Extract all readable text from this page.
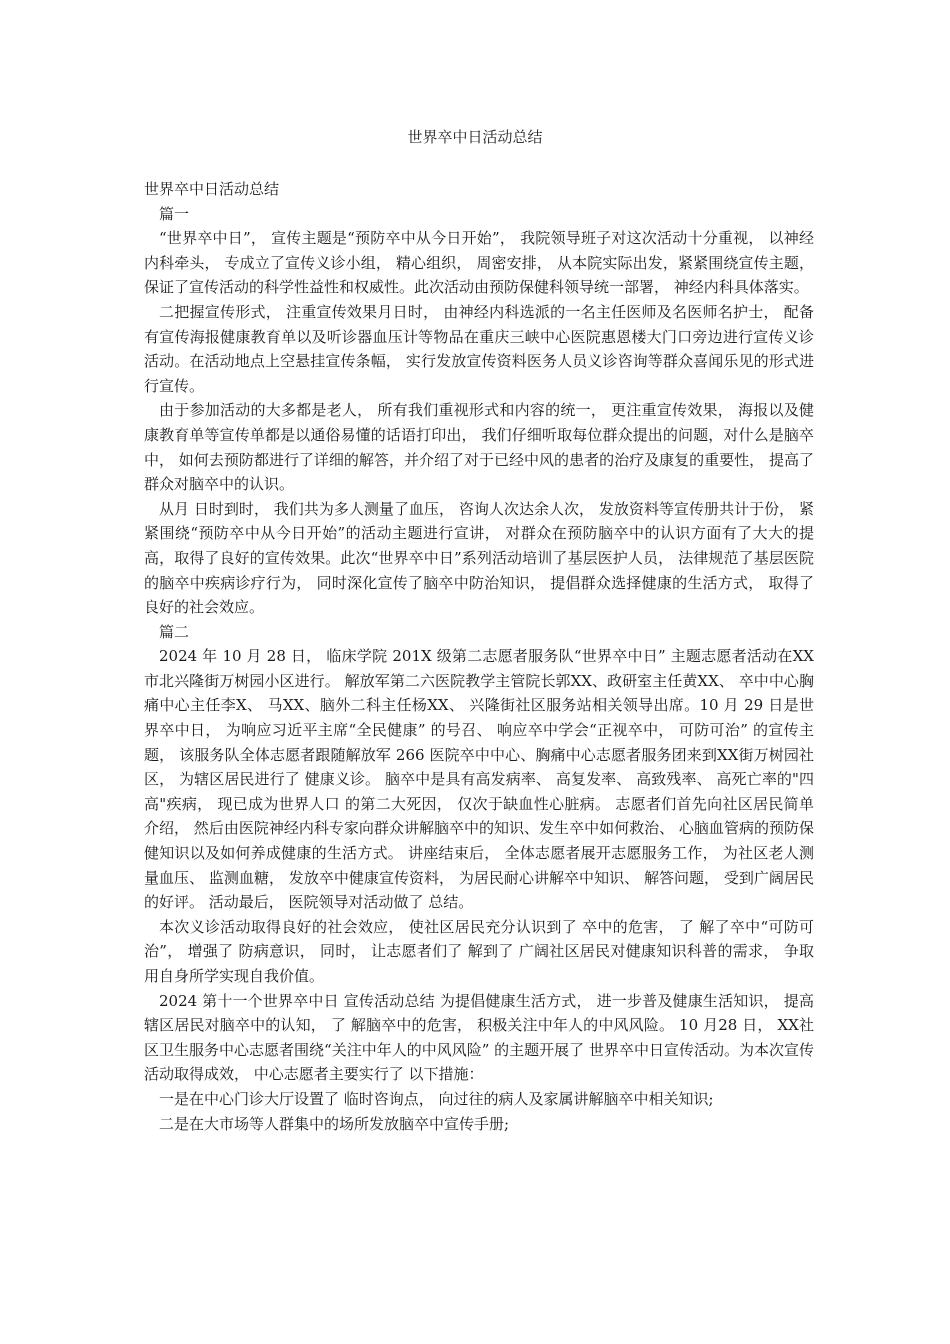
世界卒中日活动总结

世界卒中日活动总结

篇一

“世界卒中日”， 宣传主题是“预防卒中从今日开始”， 我院领导班子对这次活动十分重视， 以神经内科牵头， 专成立了宣传义诊小组， 精心组织， 周密安排， 从本院实际出发，紧紧围绕宣传主题， 保证了宣传活动的科学性益性和权威性。此次活动由预防保健科领导统一部署， 神经内科具体落实。

二把握宣传形式， 注重宣传效果月日时， 由神经内科选派的一名主任医师及名医师名护士， 配备有宣传海报健康教育单以及听诊器血压计等物品在重庆三峡中心医院惠恩楼大门口旁边进行宣传义诊活动。在活动地点上空悬挂宣传条幅， 实行发放宣传资料医务人员义诊咨询等群众喜闻乐见的形式进行宣传。

由于参加活动的大多都是老人， 所有我们重视形式和内容的统一， 更注重宣传效果， 海报以及健康教育单等宣传单都是以通俗易懂的话语打印出， 我们仔细听取每位群众提出的问题，对什么是脑卒中， 如何去预防都进行了详细的解答，并介绍了对于已经中风的患者的治疗及康复的重要性， 提高了群众对脑卒中的认识。

从月 日时到时， 我们共为多人测量了血压， 咨询人次达余人次， 发放资料等宣传册共计于份， 紧紧围绕“预防卒中从今日开始”的活动主题进行宣讲， 对群众在预防脑卒中的认识方面有了大大的提高，取得了良好的宣传效果。此次“世界卒中日”系列活动培训了基层医护人员， 法律规范了基层医院的脑卒中疾病诊疗行为， 同时深化宣传了脑卒中防治知识， 提倡群众选择健康的生活方式， 取得了良好的社会效应。

篇二

2024 年 10 月 28 日， 临床学院 201X 级第二志愿者服务队“世界卒中日” 主题志愿者活动在XX市北兴隆街万树园小区进行。 解放军第二六医院教学主管院长郭XX、政研室主任黄XX、 卒中中心胸痛中心主任李X、 马XX、脑外二科主任杨XX、 兴隆街社区服务站相关领导出席。10 月 29 日是世界卒中日， 为响应习近平主席“全民健康” 的号召、 响应卒中学会“正视卒中， 可防可治” 的宣传主题， 该服务队全体志愿者跟随解放军 266 医院卒中中心、胸痛中心志愿者服务团来到XX街万树园社区， 为辖区居民进行了 健康义诊。 脑卒中是具有高发病率、 高复发率、 高致残率、 高死亡率的"四高"疾病， 现已成为世界人口 的第二大死因， 仅次于缺血性心脏病。 志愿者们首先向社区居民简单介绍， 然后由医院神经内科专家向群众讲解脑卒中的知识、发生卒中如何救治、 心脑血管病的预防保健知识以及如何养成健康的生活方式。 讲座结束后， 全体志愿者展开志愿服务工作， 为社区老人测量血压、 监测血糖， 发放卒中健康宣传资料， 为居民耐心讲解卒中知识、 解答问题， 受到广阔居民的好评。 活动最后， 医院领导对活动做了 总结。

本次义诊活动取得良好的社会效应， 使社区居民充分认识到了 卒中的危害， 了 解了卒中“可防可治”， 增强了 防病意识， 同时， 让志愿者们了 解到了 广阔社区居民对健康知识科普的需求， 争取用自身所学实现自我价值。

2024 第十一个世界卒中日 宣传活动总结 为提倡健康生活方式， 进一步普及健康生活知识， 提高辖区居民对脑卒中的认知， 了 解脑卒中的危害， 积极关注中年人的中风风险。 10 月28 日， XX社区卫生服务中心志愿者围绕“关注中年人的中风风险” 的主题开展了 世界卒中日宣传活动。为本次宣传活动取得成效， 中心志愿者主要实行了 以下措施：

一是在中心门诊大厅设置了 临时咨询点， 向过往的病人及家属讲解脑卒中相关知识;

二是在大市场等人群集中的场所发放脑卒中宣传手册;
